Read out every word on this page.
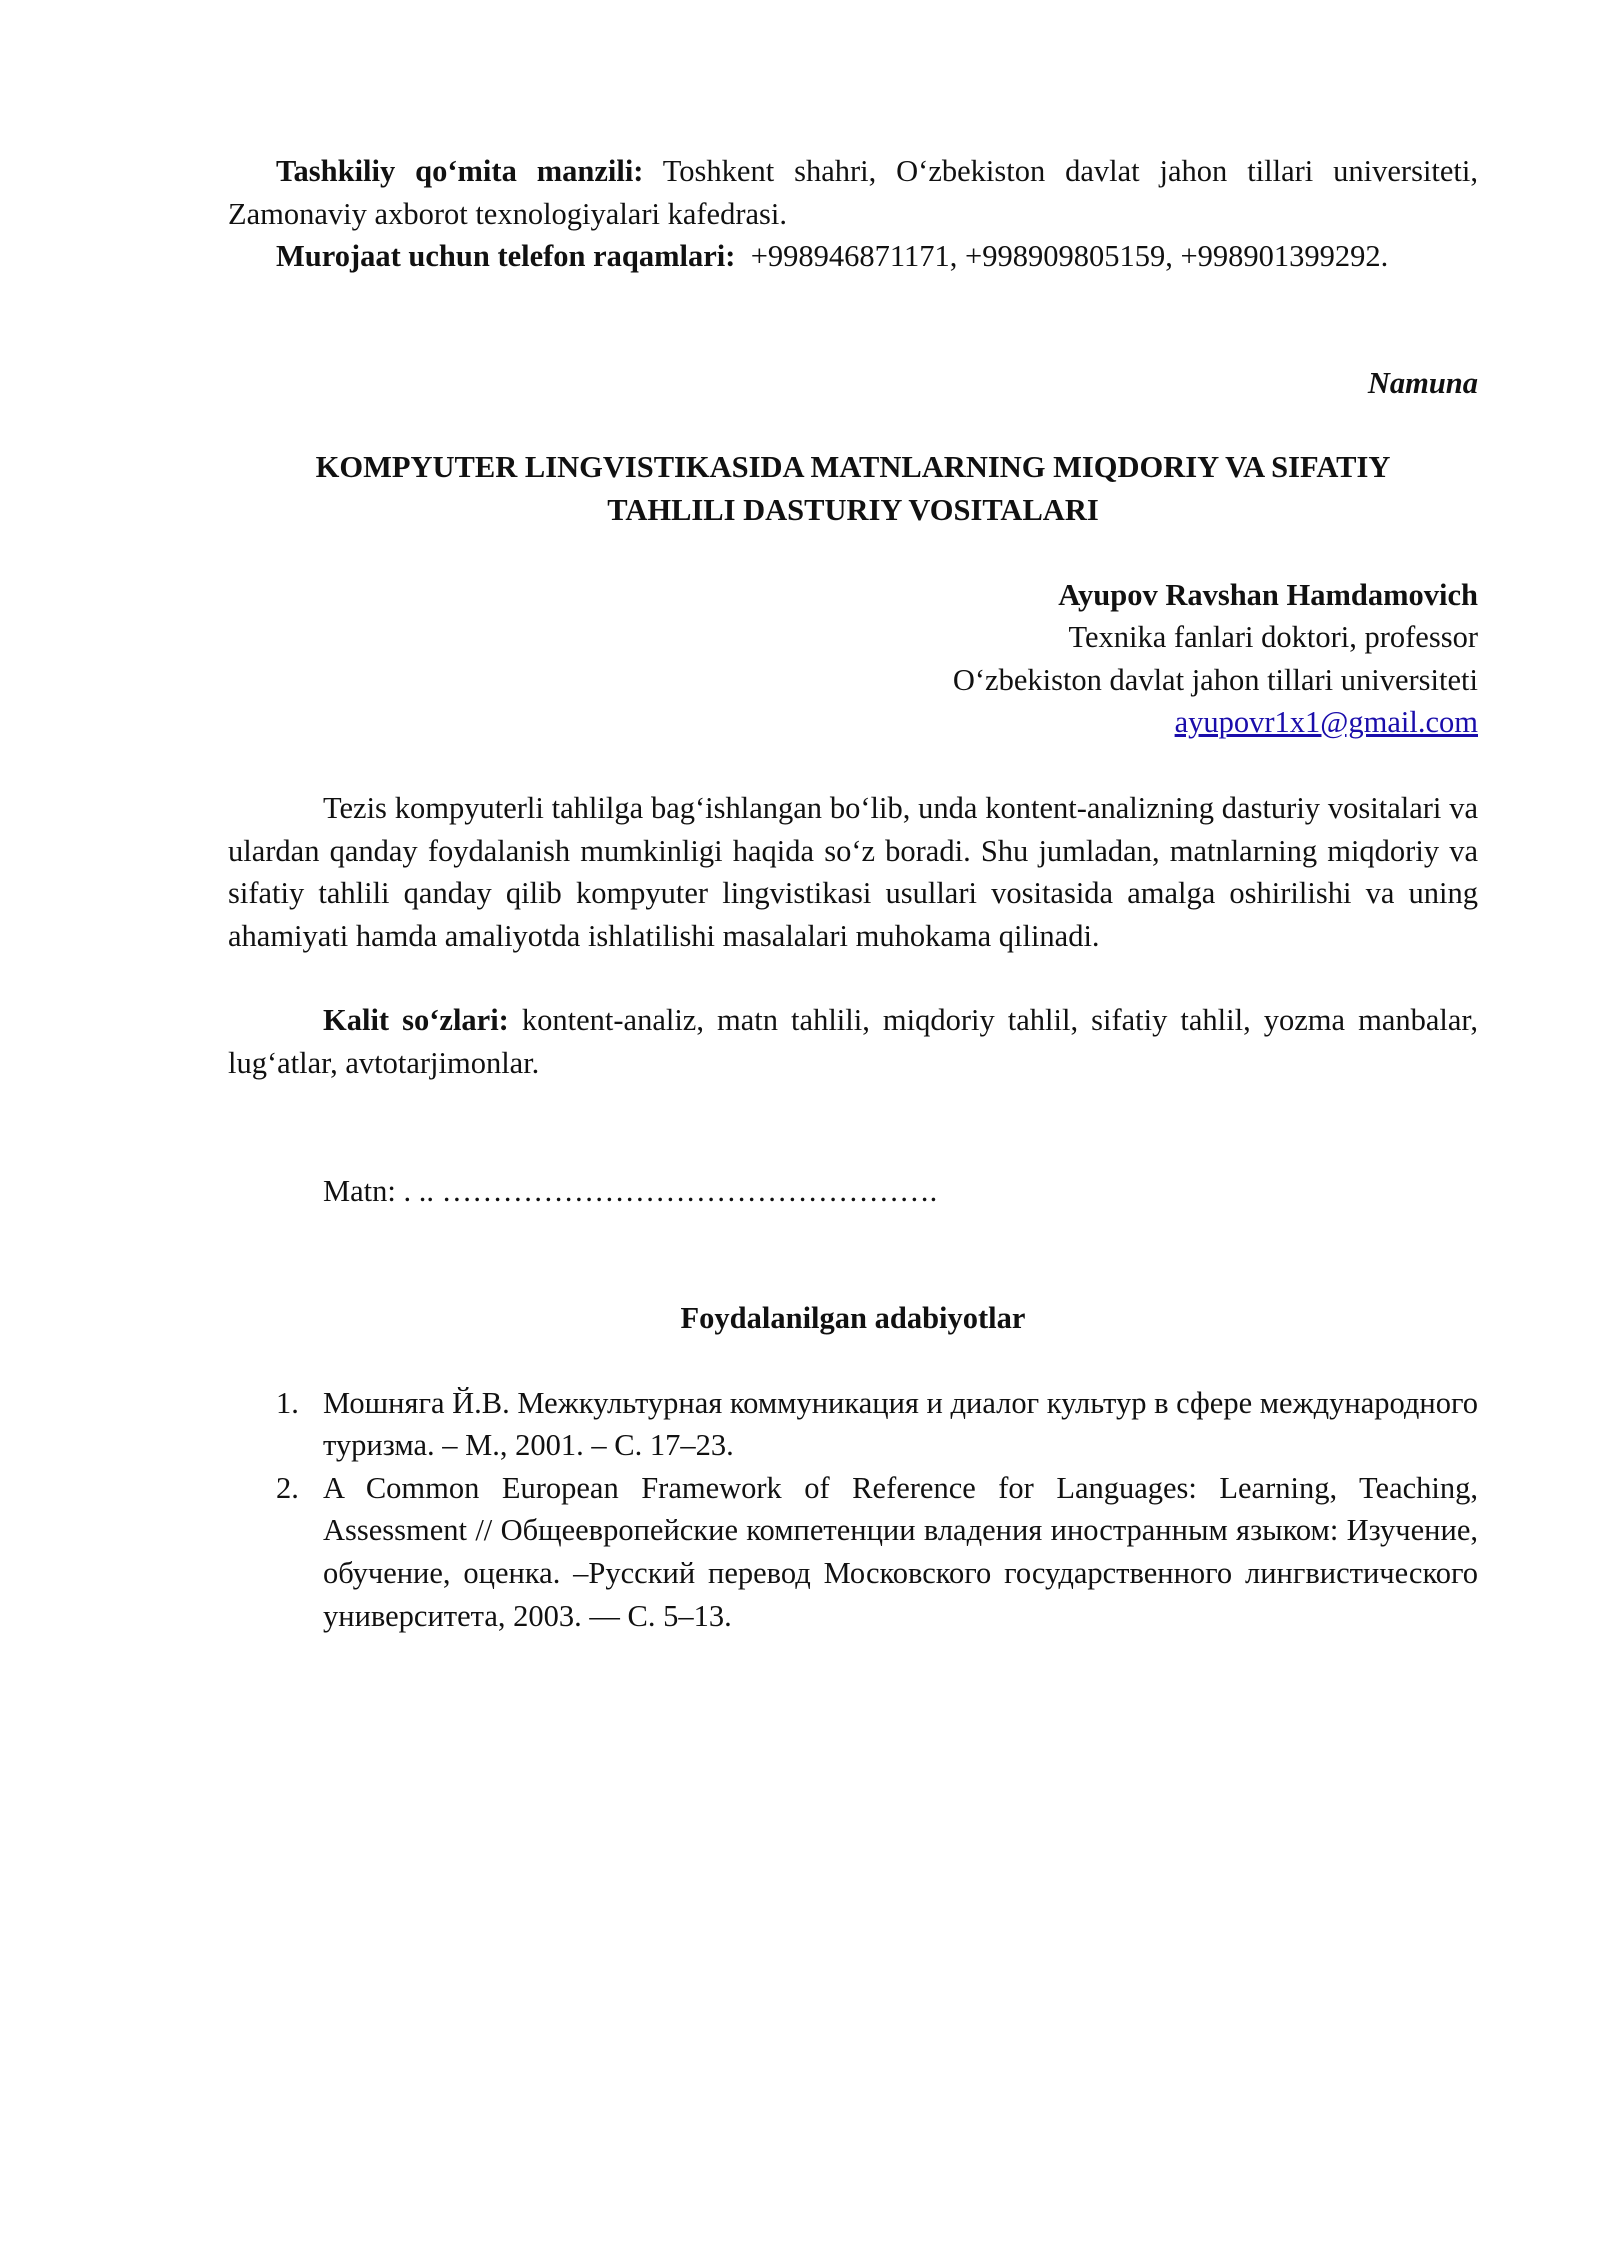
Tashkiliy qo‘mita manzili: Toshkent shahri, O‘zbekiston davlat jahon tillari universiteti, Zamonaviy axborot texnologiyalari kafedrasi.

Murojaat uchun telefon raqamlari:  +998946871171, +998909805159, +998901399292.

Namuna

KOMPYUTER LINGVISTIKASIDA MATNLARNING MIQDORIY VA SIFATIY

TAHLILI DASTURIY VOSITALARI

Ayupov Ravshan Hamdamovich

Texnika fanlari doktori, professor

O‘zbekiston davlat jahon tillari universiteti

ayupovr1x1@gmail.com

Tezis kompyuterli tahlilga bag‘ishlangan bo‘lib, unda kontent-analizning dasturiy vositalari va ulardan qanday foydalanish mumkinligi haqida so‘z boradi. Shu jumladan, matnlarning miqdoriy va sifatiy tahlili qanday qilib kompyuter lingvistikasi usullari vositasida amalga oshirilishi va uning ahamiyati hamda amaliyotda ishlatilishi masalalari muhokama qilinadi.

Kalit so‘zlari: kontent-analiz, matn tahlili, miqdoriy tahlil, sifatiy tahlil, yozma manbalar, lug‘atlar, avtotarjimonlar.

Matn: . .. ………………………………………….

Foydalanilgan adabiyotlar

1. Мошняга Й.В. Межкультурная коммуникация и диалог культур в сфере международного туризма. – М., 2001. – С. 17–23.
2. A Common European Framework of Reference for Languages: Learning, Teaching, Assessment // Общеевропейские компетенции владения иностранным языком: Изучение, обучение, оценка. –Русский перевод Московского государственного лингвистического университета, 2003. — С. 5–13.
